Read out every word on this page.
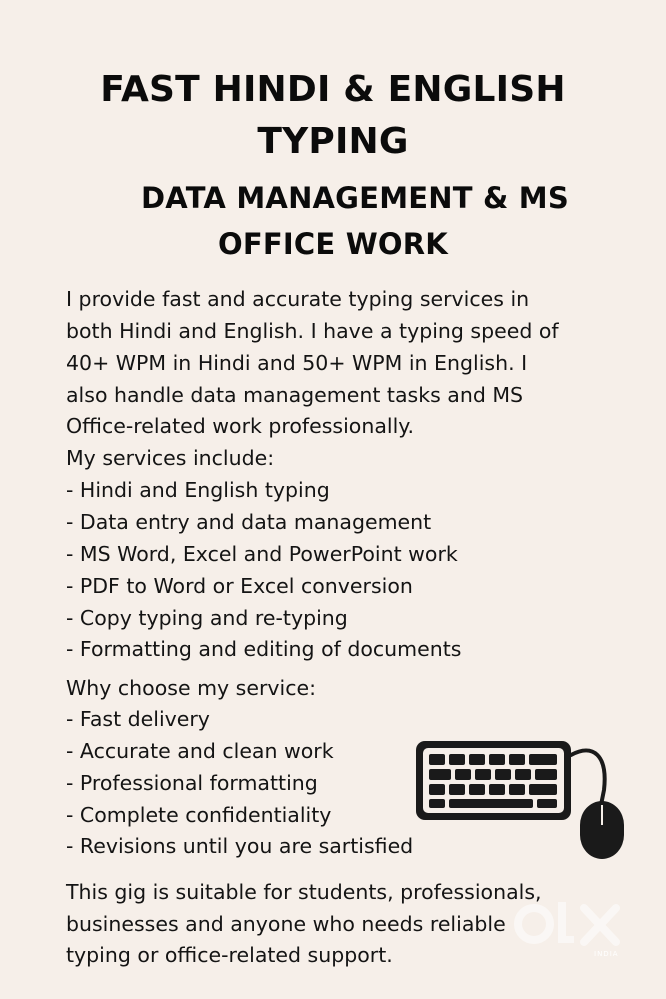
FAST HINDI & ENGLISH
TYPING
DATA MANAGEMENT & MS
OFFICE WORK
I provide fast and accurate typing services in
both Hindi and English. I have a typing speed of
40+ WPM in Hindi and 50+ WPM in English. I
also handle data management tasks and MS
Office-related work professionally.
My services include:
- Hindi and English typing
- Data entry and data management
- MS Word, Excel and PowerPoint work
- PDF to Word or Excel conversion
- Copy typing and re-typing
- Formatting and editing of documents
Why choose my service:
- Fast delivery
- Accurate and clean work
- Professional formatting
- Complete confidentiality
- Revisions until you are sartisfied
This gig is suitable for students, professionals,
businesses and anyone who needs reliable
typing or office-related support.	INDIA
